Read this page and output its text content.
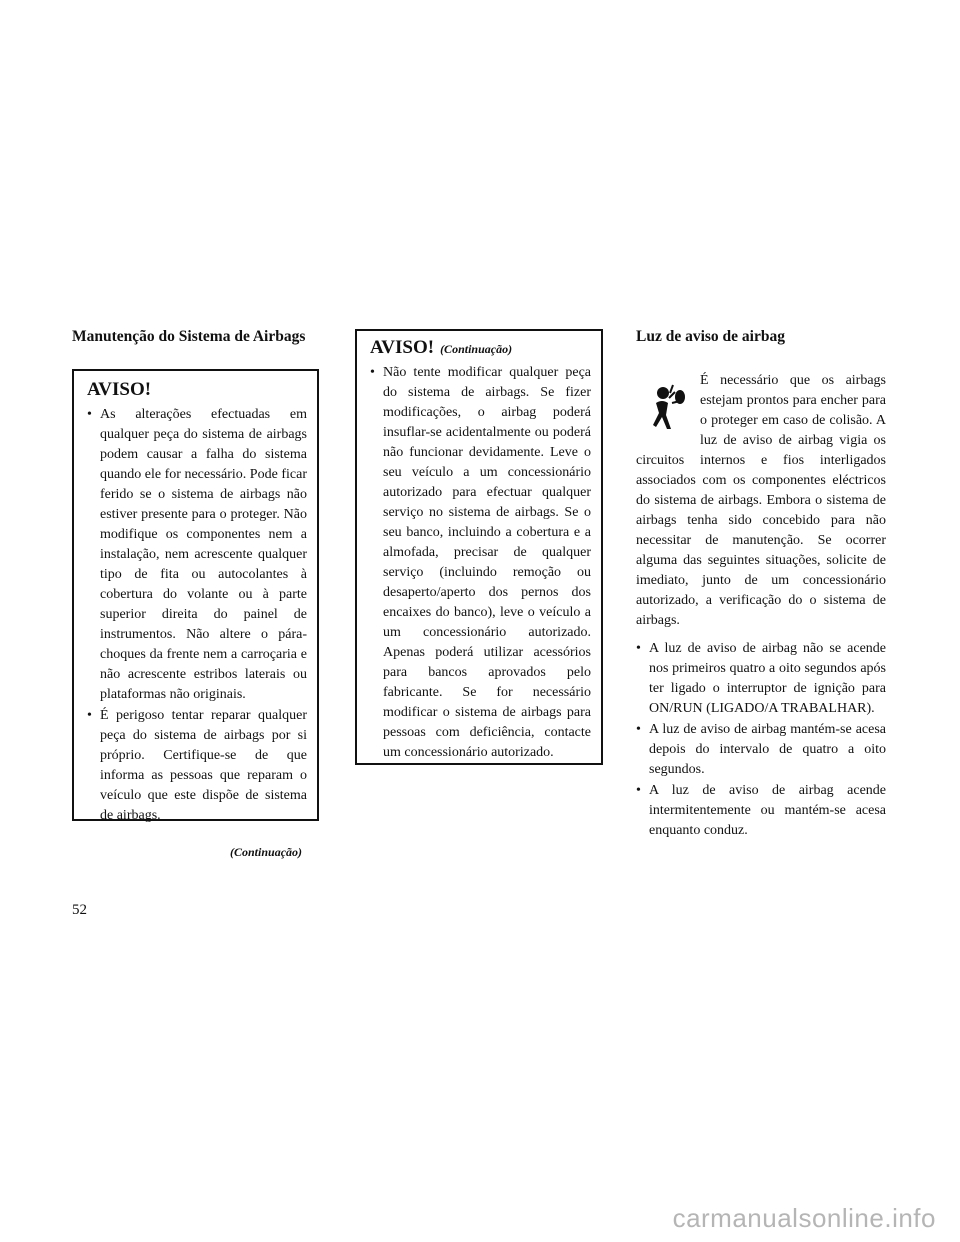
Manutenção do Sistema de Airbags
AVISO!
• As alterações efectuadas em qualquer peça do sistema de airbags podem causar a falha do sistema quando ele for necessário. Pode ficar ferido se o sistema de airbags não estiver presente para o proteger. Não modifique os componentes nem a instalação, nem acrescente qualquer tipo de fita ou autocolantes à cobertura do volante ou à parte superior direita do painel de instrumentos. Não altere o pára-choques da frente nem a carroçaria e não acrescente estribos laterais ou plataformas não originais.
• É perigoso tentar reparar qualquer peça do sistema de airbags por si próprio. Certifique-se de que informa as pessoas que reparam o veículo que este dispõe de sistema de airbags.
(Continuação)
AVISO! (Continuação)
• Não tente modificar qualquer peça do sistema de airbags. Se fizer modificações, o airbag poderá insuflar-se acidentalmente ou poderá não funcionar devidamente. Leve o seu veículo a um concessionário autorizado para efectuar qualquer serviço no sistema de airbags. Se o seu banco, incluindo a cobertura e a almofada, precisar de qualquer serviço (incluindo remoção ou desaperto/aperto dos pernos dos encaixes do banco), leve o veículo a um concessionário autorizado. Apenas poderá utilizar acessórios para bancos aprovados pelo fabricante. Se for necessário modificar o sistema de airbags para pessoas com deficiência, contacte um concessionário autorizado.
Luz de aviso de airbag

É necessário que os airbags estejam prontos para encher para o proteger em caso de colisão. A luz de aviso de airbag vigia os circuitos internos e fios interligados associados com os componentes eléctricos do sistema de airbags. Embora o sistema de airbags tenha sido concebido para não necessitar de manutenção. Se ocorrer alguma das seguintes situações, solicite de imediato, junto de um concessionário autorizado, a verificação do o sistema de airbags.

• A luz de aviso de airbag não se acende nos primeiros quatro a oito segundos após ter ligado o interruptor de ignição para ON/RUN (LIGADO/A TRABALHAR).
• A luz de aviso de airbag mantém-se acesa depois do intervalo de quatro a oito segundos.
• A luz de aviso de airbag acende intermitentemente ou mantém-se acesa enquanto conduz.
52
carmanualsonline.info
